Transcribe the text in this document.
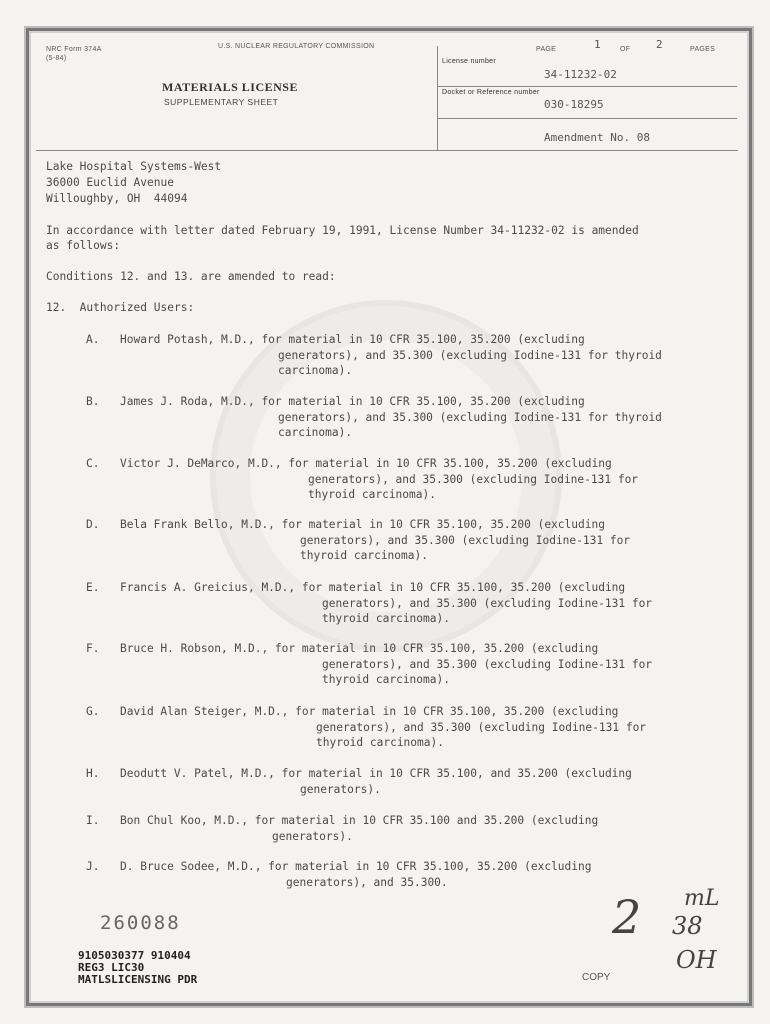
NRC Form 374A
(5-84)
U.S. NUCLEAR REGULATORY COMMISSION
MATERIALS LICENSE
SUPPLEMENTARY SHEET
PAGE	1	OF 2	PAGES
License number
34-11232-02
Docket or Reference number
030-18295
Amendment No. 08
Lake Hospital Systems-West
36000 Euclid Avenue
Willoughby, OH  44094
In accordance with letter dated February 19, 1991, License Number 34-11232-02 is amended
as follows:
Conditions 12. and 13. are amended to read:
12.  Authorized Users:
A. Howard Potash, M.D., for material in 10 CFR 35.100, 35.200 (excluding
generators), and 35.300 (excluding Iodine-131 for thyroid
carcinoma).
B. James J. Roda, M.D., for material in 10 CFR 35.100, 35.200 (excluding
generators), and 35.300 (excluding Iodine-131 for thyroid
carcinoma).
C. Victor J. DeMarco, M.D., for material in 10 CFR 35.100, 35.200 (excluding
generators), and 35.300 (excluding Iodine-131 for
thyroid carcinoma).
D. Bela Frank Bello, M.D., for material in 10 CFR 35.100, 35.200 (excluding
generators), and 35.300 (excluding Iodine-131 for
thyroid carcinoma).
E. Francis A. Greicius, M.D., for material in 10 CFR 35.100, 35.200 (excluding
generators), and 35.300 (excluding Iodine-131 for
thyroid carcinoma).
F. Bruce H. Robson, M.D., for material in 10 CFR 35.100, 35.200 (excluding
generators), and 35.300 (excluding Iodine-131 for
thyroid carcinoma).
G. David Alan Steiger, M.D., for material in 10 CFR 35.100, 35.200 (excluding
generators), and 35.300 (excluding Iodine-131 for
thyroid carcinoma).
H. Deodutt V. Patel, M.D., for material in 10 CFR 35.100, and 35.200 (excluding
generators).
I. Bon Chul Koo, M.D., for material in 10 CFR 35.100 and 35.200 (excluding
generators).
J. D. Bruce Sodee, M.D., for material in 10 CFR 35.100, 35.200 (excluding
generators), and 35.300.
260088
9105030377 910404
REG3 LIC30
MATLSLICENSING PDR	COPY
2 mL
38
OH
